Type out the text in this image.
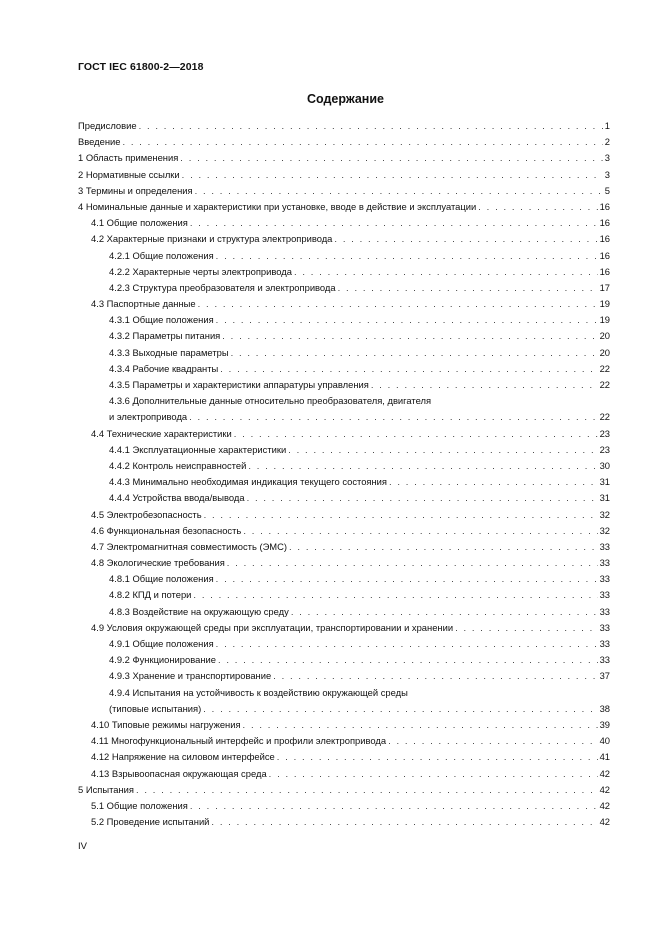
ГОСТ IEC 61800-2—2018
Содержание
Предисловие . . .	1
Введение . . .	2
1 Область применения . . .	3
2 Нормативные ссылки . . .	3
3 Термины и определения . . .	5
4 Номинальные данные и характеристики при установке, вводе в действие и эксплуатации . . .	16
4.1 Общие положения . . .	16
4.2 Характерные признаки и структура электропривода . . .	16
4.2.1 Общие положения . . .	16
4.2.2 Характерные черты электропривода . . .	16
4.2.3 Структура преобразователя и электропривода . . .	17
4.3 Паспортные данные . . .	19
4.3.1 Общие положения . . .	19
4.3.2 Параметры питания . . .	20
4.3.3 Выходные параметры . . .	20
4.3.4 Рабочие квадранты . . .	22
4.3.5 Параметры и характеристики аппаратуры управления . . .	22
4.3.6 Дополнительные данные относительно преобразователя, двигателя
и электропривода . . .	22
4.4 Технические характеристики . . .	23
4.4.1 Эксплуатационные характеристики . . .	23
4.4.2 Контроль неисправностей . . .	30
4.4.3 Минимально необходимая индикация текущего состояния . . .	31
4.4.4 Устройства ввода/вывода . . .	31
4.5 Электробезопасность . . .	32
4.6 Функциональная безопасность . . .	32
4.7 Электромагнитная совместимость (ЭМС) . . .	33
4.8 Экологические требования . . .	33
4.8.1 Общие положения . . .	33
4.8.2 КПД и потери . . .	33
4.8.3 Воздействие на окружающую среду . . .	33
4.9 Условия окружающей среды при эксплуатации, транспортировании и хранении . . .	33
4.9.1 Общие положения . . .	33
4.9.2 Функционирование . . .	33
4.9.3 Хранение и транспортирование . . .	37
4.9.4 Испытания на устойчивость к воздействию окружающей среды
(типовые испытания) . . .	38
4.10 Типовые режимы нагружения . . .	39
4.11 Многофункциональный интерфейс и профили электропривода . . .	40
4.12 Напряжение на силовом интерфейсе . . .	41
4.13 Взрывоопасная окружающая среда . . .	42
5 Испытания . . .	42
5.1 Общие положения . . .	42
5.2 Проведение испытаний . . .	42
IV
